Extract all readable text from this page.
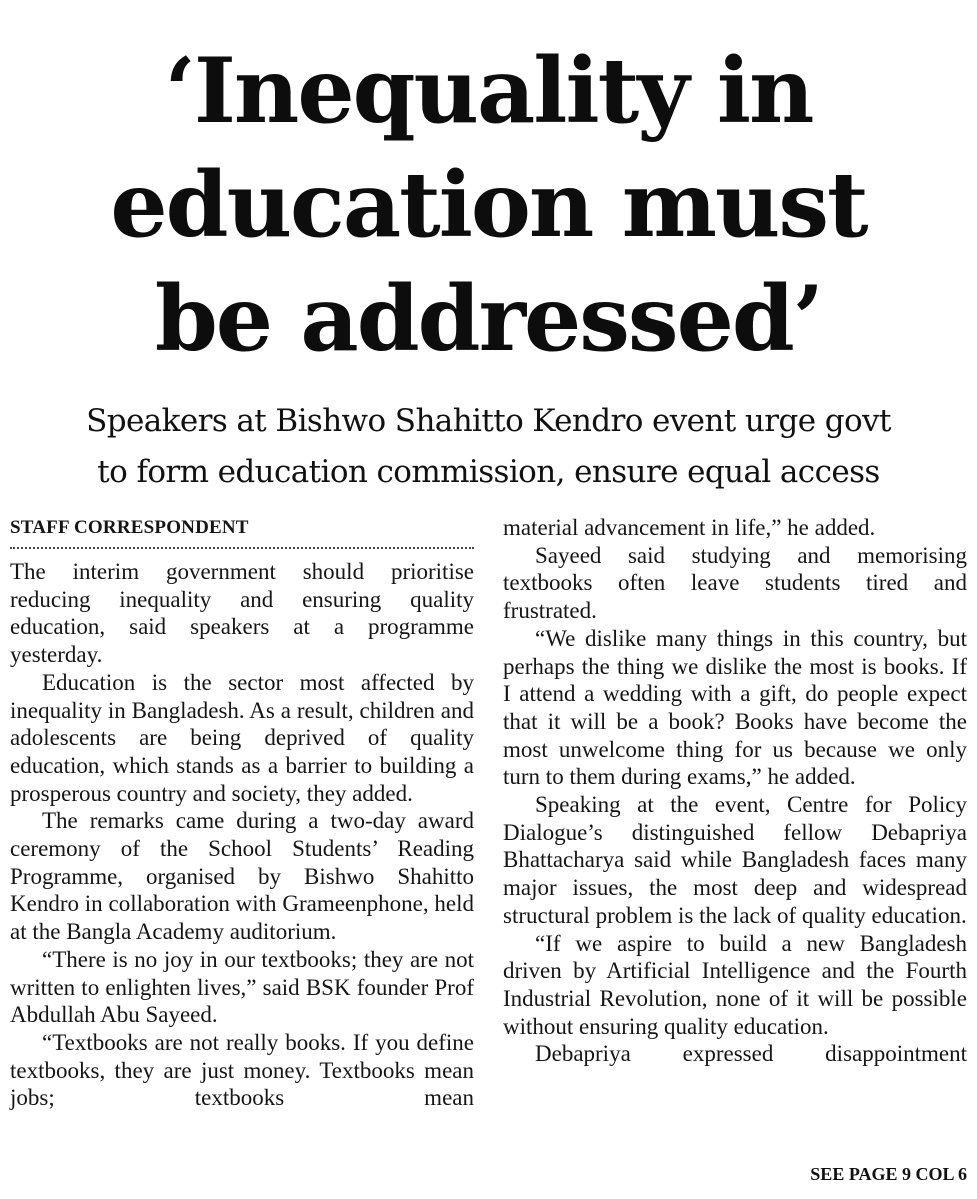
‘Inequality in
education must
be addressed’
Speakers at Bishwo Shahitto Kendro event urge govt
to form education commission, ensure equal access
STAFF CORRESPONDENT

The interim government should prioritise reducing inequality and ensuring quality education, said speakers at a programme yesterday.

Education is the sector most affected by inequality in Bangladesh. As a result, children and adolescents are being deprived of quality education, which stands as a barrier to building a prosperous country and society, they added.

The remarks came during a two-day award ceremony of the School Students’ Reading Programme, organised by Bishwo Shahitto Kendro in collaboration with Grameenphone, held at the Bangla Academy auditorium.

“There is no joy in our textbooks; they are not written to enlighten lives,” said BSK founder Prof Abdullah Abu Sayeed.

“Textbooks are not really books. If you define textbooks, they are just money. Textbooks mean jobs; textbooks mean

material advancement in life,” he added.

Sayeed said studying and memorising textbooks often leave students tired and frustrated.

“We dislike many things in this country, but perhaps the thing we dislike the most is books. If I attend a wedding with a gift, do people expect that it will be a book? Books have become the most unwelcome thing for us because we only turn to them during exams,” he added.

Speaking at the event, Centre for Policy Dialogue’s distinguished fellow Debapriya Bhattacharya said while Bangladesh faces many major issues, the most deep and widespread structural problem is the lack of quality education.

“If we aspire to build a new Bangladesh driven by Artificial Intelligence and the Fourth Industrial Revolution, none of it will be possible without ensuring quality education.

Debapriya expressed disappointment

SEE PAGE 9 COL 6
